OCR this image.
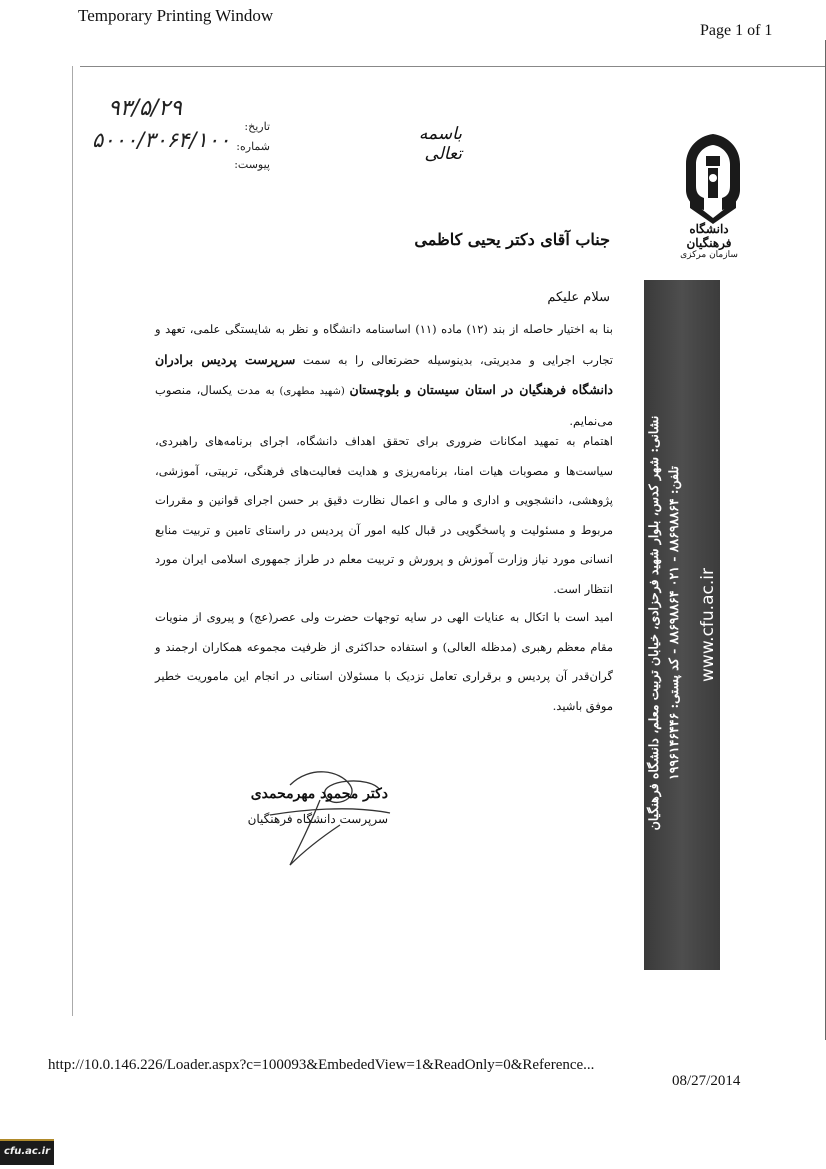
Temporary Printing Window
Page 1 of 1
۹۳/۵/۲۹
۵۰۰۰/۳۰۶۴/۱۰۰
تاریخ:
شماره:
پیوست:
باسمه تعالی
دانشگاه فرهنگیان
سازمان مرکزی
جناب آقای دکتر یحیی کاظمی
سلام علیکم
بنا به اختیار حاصله از بند (۱۲) ماده (۱۱) اساسنامه دانشگاه و نظر به شایستگی علمی، تعهد و تجارب اجرایی و مدیریتی، بدینوسیله حضرتعالی را به سمت سرپرست پردیس برادران دانشگاه فرهنگیان در استان سیستان و بلوچستان (شهید مطهری) به مدت یکسال، منصوب می‌نمایم.
اهتمام به تمهید امکانات ضروری برای تحقق اهداف دانشگاه، اجرای برنامه‌های راهبردی، سیاست‌ها و مصوبات هیات امنا، برنامه‌ریزی و هدایت فعالیت‌های فرهنگی، تربیتی، آموزشی، پژوهشی، دانشجویی و اداری و مالی و اعمال نظارت دقیق بر حسن اجرای قوانین و مقررات مربوط و مسئولیت و پاسخگویی در قبال کلیه امور آن پردیس در راستای تامین و تربیت منابع انسانی مورد نیاز وزارت آموزش و پرورش و تربیت معلم در طراز جمهوری اسلامی ایران مورد انتظار است.
امید است با اتکال به عنایات الهی در سایه توجهات حضرت ولی عصر(عج) و پیروی از منویات مقام معظم رهبری (مدظله العالی) و استفاده حداکثری از ظرفیت مجموعه همکاران ارجمند و گران‌قدر آن پردیس و برقراری تعامل نزدیک با مسئولان استانی در انجام این ماموریت خطیر موفق باشید.
دکتر محمود مهرمحمدی
سرپرست دانشگاه فرهنگیان	نشانی: شهر کدس، بلوار شهید فرحزادی، خیابان تربیت معلم، دانشگاه فرهنگیان تلفن: ۸۸۶۹۸۸۶۴ - ۰۲۱ ۸۸۶۹۸۸۶۴ - کد پستی: ۱۹۹۶۱۴۶۴۴۶
www.cfu.ac.ir
http://10.0.146.226/Loader.aspx?c=100093&EmbededView=1&ReadOnly=0&Reference...
08/27/2014
cfu.ac.ir
